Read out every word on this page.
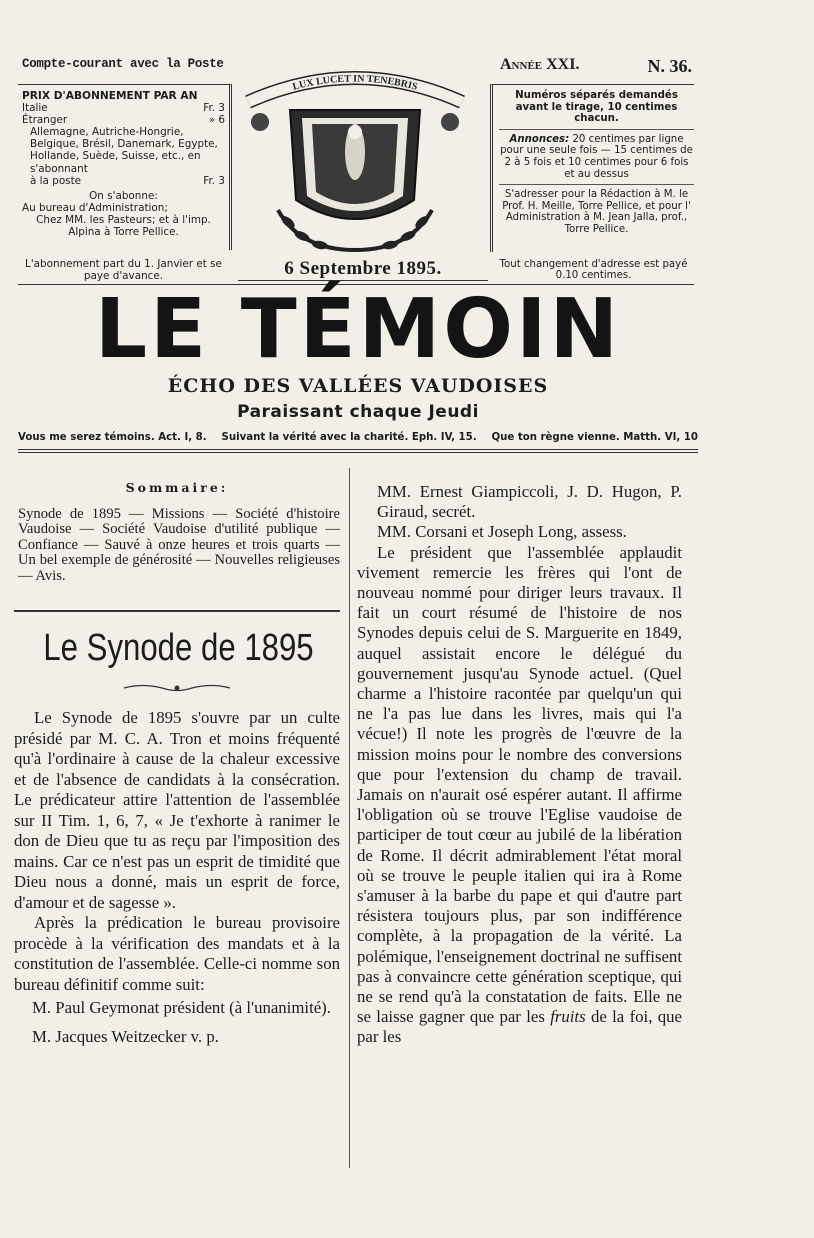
Compte-courant avec la Poste	Année XXI.	N. 36.
PRIX D'ABONNEMENT PAR AN
Italie	Fr. 3
Étranger	» 6
Allemagne, Autriche-Hongrie, Belgique, Brésil, Danemark, Egypte, Hollande, Suède, Suisse, etc., en s'abonnant
à la poste	Fr. 3
On s'abonne:
Au bureau d'Administration;
Chez MM. les Pasteurs; et à l'imp. Alpina à Torre Pellice.
L'abonnement part du 1. Janvier et se paye d'avance.
LUX LUCET IN TENEBRIS
Numéros séparés demandés avant le tirage, 10 centimes chacun.
Annonces: 20 centimes par ligne pour une seule fois — 15 centimes de 2 à 5 fois et 10 centimes pour 6 fois et au dessus
S'adresser pour la Rédaction à M. le Prof. H. Meille, Torre Pellice, et pour l' Administration à M. Jean Jalla, prof., Torre Pellice.
Tout changement d'adresse est payé 0.10 centimes.
6 Septembre 1895.
LE TÉMOIN
ÉCHO DES VALLÉES VAUDOISES
Paraissant chaque Jeudi
Vous me serez témoins. Act. I, 8. Suivant la vérité avec la charité. Eph. IV, 15. Que ton règne vienne. Matth. VI, 10
Sommaire:
Synode de 1895 — Missions — Société d'histoire Vaudoise — Société Vaudoise d'utilité publique — Confiance — Sauvé à onze heures et trois quarts — Un bel exemple de générosité — Nouvelles religieuses — Avis.
Le Synode de 1895

Le Synode de 1895 s'ouvre par un culte présidé par M. C. A. Tron et moins fréquenté qu'à l'ordinaire à cause de la chaleur excessive et de l'absence de candidats à la consécration. Le prédicateur attire l'attention de l'assemblée sur II Tim. 1, 6, 7, « Je t'exhorte à ranimer le don de Dieu que tu as reçu par l'imposition des mains. Car ce n'est pas un esprit de timidité que Dieu nous a donné, mais un esprit de force, d'amour et de sagesse ».

Après la prédication le bureau provisoire procède à la vérification des mandats et à la constitution de l'assemblée. Celle-ci nomme son bureau définitif comme suit:

M. Paul Geymonat président (à l'unanimité).

M. Jacques Weitzecker v. p.

MM. Ernest Giampiccoli, J. D. Hugon, P. Giraud, secrét.

MM. Corsani et Joseph Long, assess.

Le président que l'assemblée applaudit vivement remercie les frères qui l'ont de nouveau nommé pour diriger leurs travaux. Il fait un court résumé de l'histoire de nos Synodes depuis celui de S. Marguerite en 1849, auquel assistait encore le délégué du gouvernement jusqu'au Synode actuel. (Quel charme a l'histoire racontée par quelqu'un qui ne l'a pas lue dans les livres, mais qui l'a vécue!) Il note les progrès de l'œuvre de la mission moins pour le nombre des conversions que pour l'extension du champ de travail. Jamais on n'aurait osé espérer autant. Il affirme l'obligation où se trouve l'Eglise vaudoise de participer de tout cœur au jubilé de la libération de Rome. Il décrit admirablement l'état moral où se trouve le peuple italien qui ira à Rome s'amuser à la barbe du pape et qui d'autre part résistera toujours plus, par son indifférence complète, à la propagation de la vérité. La polémique, l'enseignement doctrinal ne suffisent pas à convaincre cette génération sceptique, qui ne se rend qu'à la constatation de faits. Elle ne se laisse gagner que par les fruits de la foi, que par les
